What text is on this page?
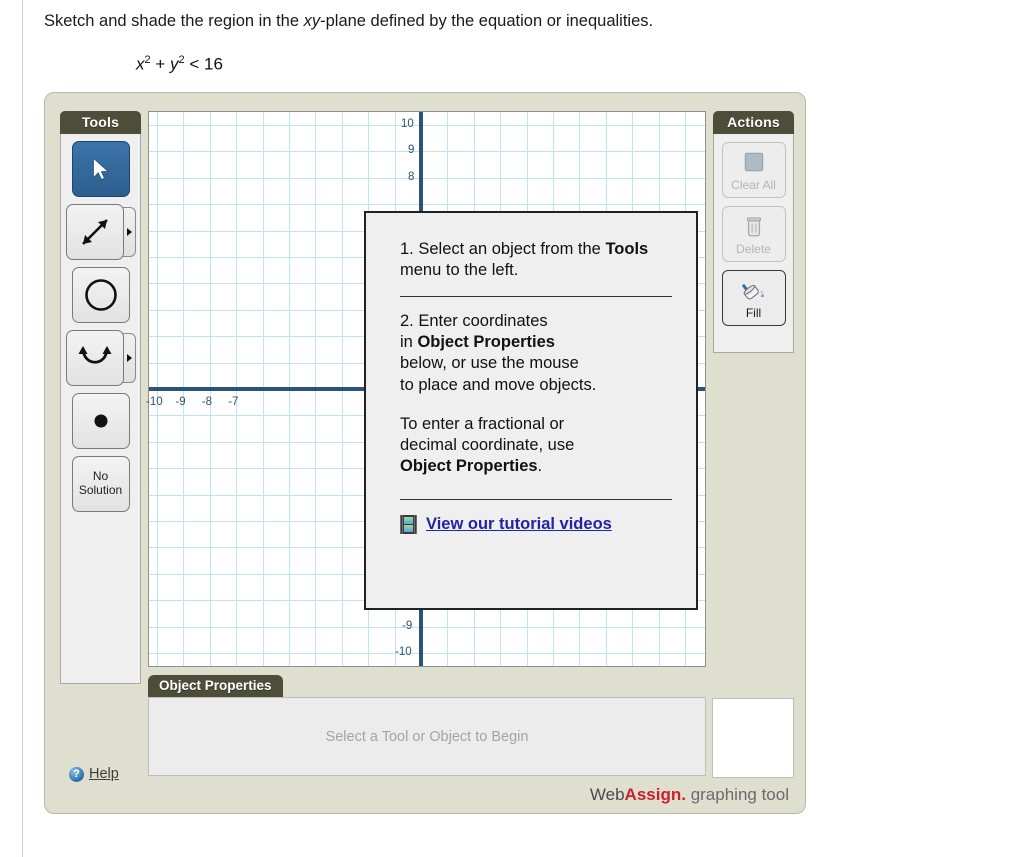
Sketch and shade the region in the xy-plane defined by the equation or inequalities.
$x^2 + y^2 < 16$
Tools
No
Solution
-10 -9 -8 -7
10
9
8
-9
-10

1. Select an object from the Tools menu to the left.

2. Enter coordinates
in Object Properties
below, or use the mouse
to place and move objects.

To enter a fractional or
decimal coordinate, use
Object Properties.

View our tutorial videos
Actions
Clear All
Delete
Fill
Object Properties
Select a Tool or Object to Begin
? Help
WebAssign. graphing tool
